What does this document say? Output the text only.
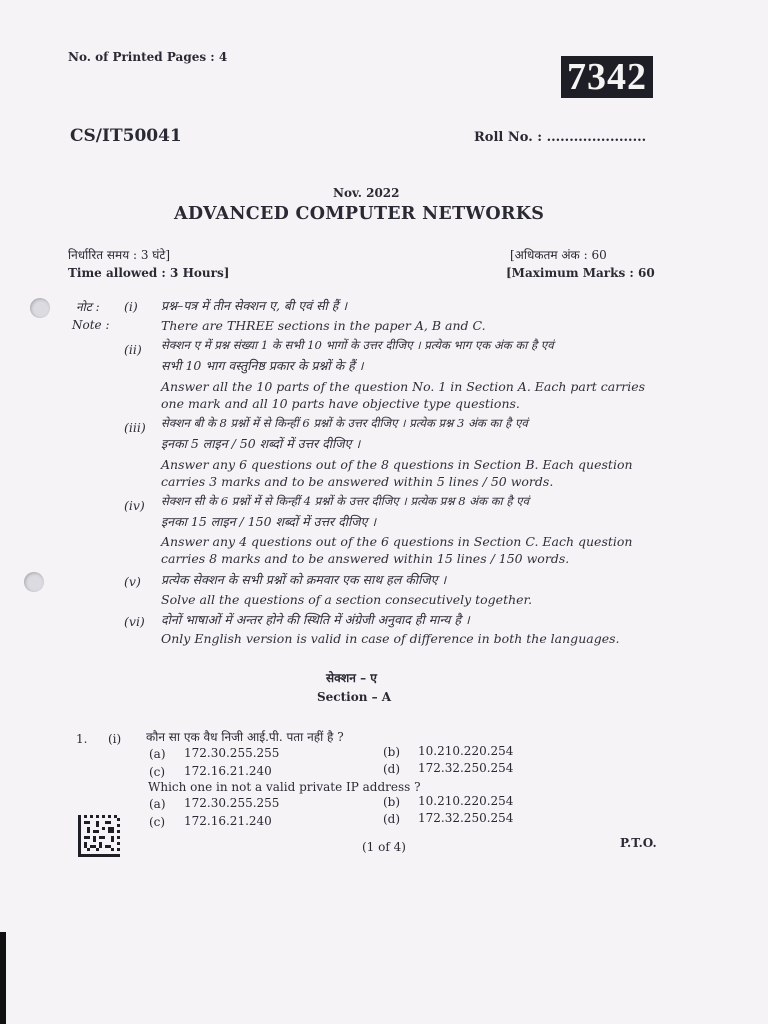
No. of Printed Pages : 4	7342
CS/IT50041	Roll No. : ......................
Nov. 2022
ADVANCED COMPUTER NETWORKS
निर्धारित समय : 3 घंटे]
Time allowed : 3 Hours]
[अधिकतम अंक : 60
[Maximum Marks : 60
नोट :
Note :
(i) प्रश्न–पत्र में तीन सेक्शन ए, बी एवं सी हैं ।
There are THREE sections in the paper A, B and C.
(ii) सेक्शन ए में प्रश्न संख्या 1 के सभी 10 भागों के उत्तर दीजिए । प्रत्येक भाग एक अंक का है एवं
सभी 10 भाग वस्तुनिष्ठ प्रकार के प्रश्नों के हैं ।
Answer all the 10 parts of the question No. 1 in Section A. Each part carries
one mark and all 10 parts have objective type questions.
(iii) सेक्शन बी के 8 प्रश्नों में से किन्हीं 6 प्रश्नों के उत्तर दीजिए । प्रत्येक प्रश्न 3 अंक का है एवं
इनका 5 लाइन / 50 शब्दों में उत्तर दीजिए ।
Answer any 6 questions out of the 8 questions in Section B. Each question
carries 3 marks and to be answered within 5 lines / 50 words.
(iv) सेक्शन सी के 6 प्रश्नों में से किन्हीं 4 प्रश्नों के उत्तर दीजिए । प्रत्येक प्रश्न 8 अंक का है एवं
इनका 15 लाइन / 150 शब्दों में उत्तर दीजिए ।
Answer any 4 questions out of the 6 questions in Section C. Each question
carries 8 marks and to be answered within 15 lines / 150 words.
(v) प्रत्येक सेक्शन के सभी प्रश्नों को क्रमवार एक साथ हल कीजिए ।
Solve all the questions of a section consecutively together.
(vi) दोनों भाषाओं में अन्तर होने की स्थिति में अंग्रेजी अनुवाद ही मान्य है ।
Only English version is valid in case of difference in both the languages.
सेक्शन – ए
Section – A
1. (i) कौन सा एक वैध निजी आई.पी. पता नहीं है ?
(a) 172.30.255.255	(b) 10.210.220.254
(c) 172.16.21.240	(d) 172.32.250.254
Which one in not a valid private IP address ?
(a) 172.30.255.255	(b) 10.210.220.254
(c) 172.16.21.240	(d) 172.32.250.254
(1 of 4)	P.T.O.
